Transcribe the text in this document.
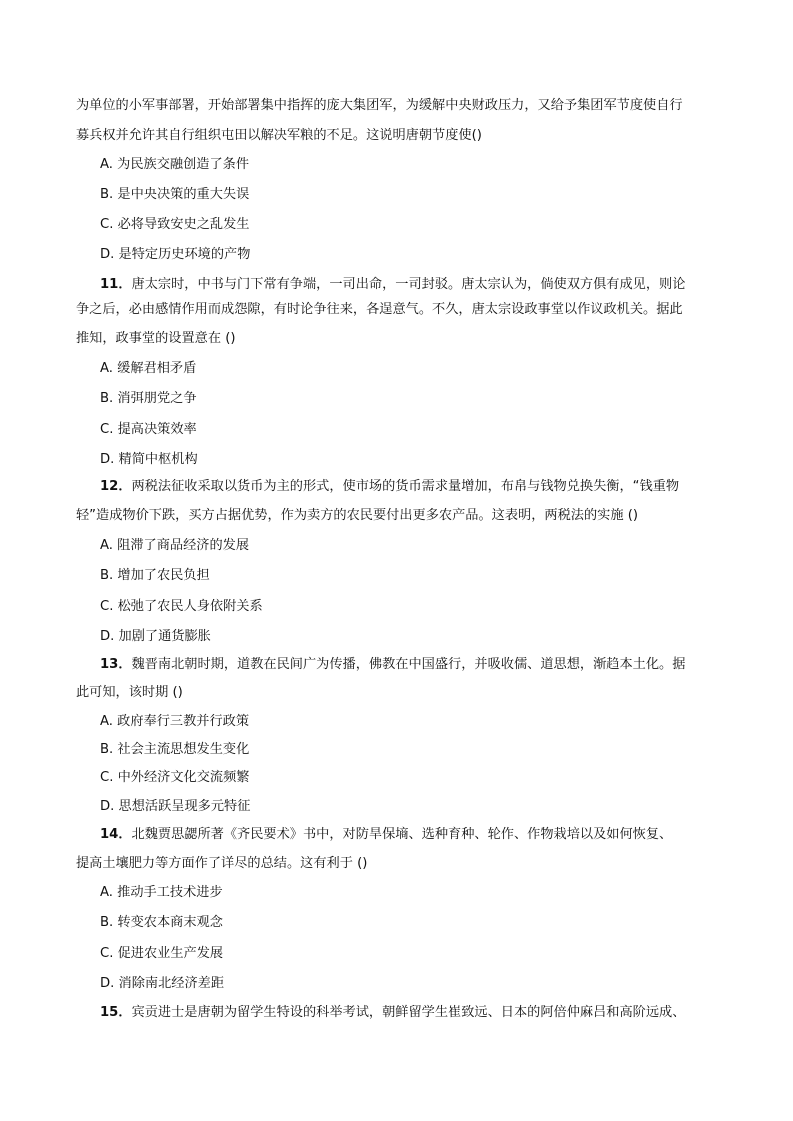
为单位的小军事部署，开始部署集中指挥的庞大集团军，为缓解中央财政压力，又给予集团军节度使自行
募兵权并允许其自行组织屯田以解决军粮的不足。这说明唐朝节度使()
A. 为民族交融创造了条件
B. 是中央决策的重大失误
C. 必将导致安史之乱发生
D. 是特定历史环境的产物
11．唐太宗时，中书与门下常有争端，一司出命，一司封驳。唐太宗认为，倘使双方俱有成见，则论
争之后，必由感情作用而成怨隙，有时论争往来，各逞意气。不久，唐太宗设政事堂以作议政机关。据此
推知，政事堂的设置意在 ()
A. 缓解君相矛盾
B. 消弭朋党之争
C. 提高决策效率
D. 精简中枢机构
12．两税法征收采取以货币为主的形式，使市场的货币需求量增加，布帛与钱物兑换失衡，“钱重物
轻”造成物价下跌，买方占据优势，作为卖方的农民要付出更多农产品。这表明，两税法的实施 ()
A. 阻滞了商品经济的发展
B. 增加了农民负担
C. 松弛了农民人身依附关系
D. 加剧了通货膨胀
13．魏晋南北朝时期，道教在民间广为传播，佛教在中国盛行，并吸收儒、道思想，渐趋本土化。据
此可知，该时期 ()
A. 政府奉行三教并行政策
B. 社会主流思想发生变化
C. 中外经济文化交流频繁
D. 思想活跃呈现多元特征
14．北魏贾思勰所著《齐民要术》书中，对防旱保墒、选种育种、轮作、作物栽培以及如何恢复、
提高土壤肥力等方面作了详尽的总结。这有利于 ()
A. 推动手工技术进步
B. 转变农本商末观念
C. 促进农业生产发展
D. 消除南北经济差距
15．宾贡进士是唐朝为留学生特设的科举考试，朝鲜留学生崔致远、日本的阿倍仲麻吕和高阶远成、
